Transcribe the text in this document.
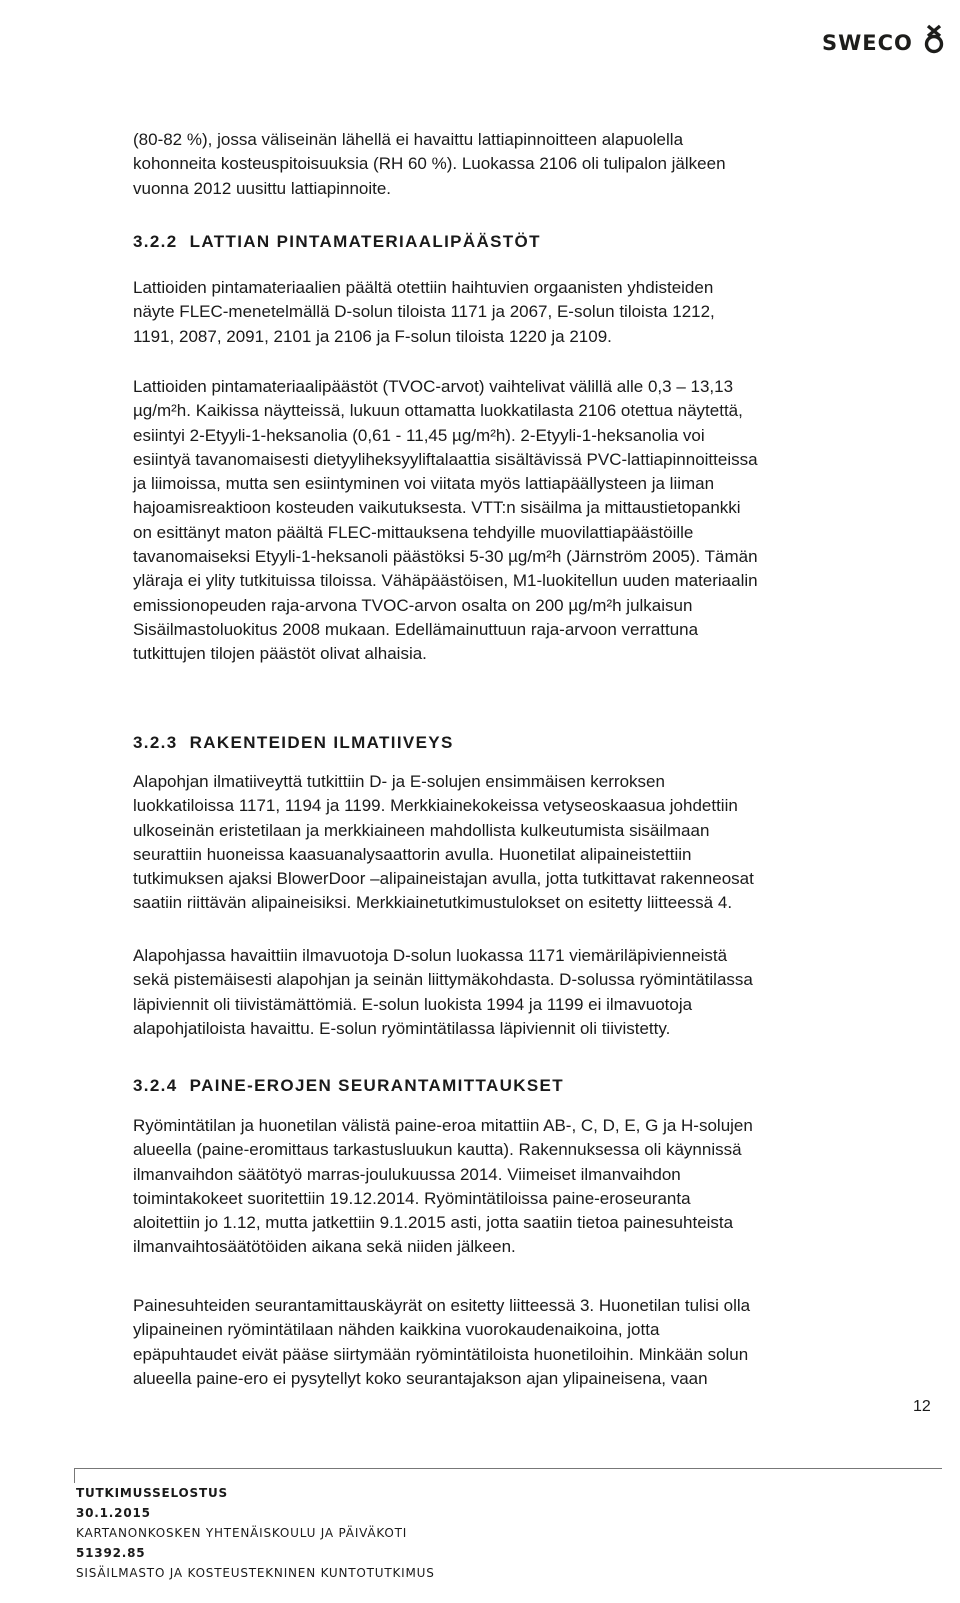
SWECO

(80-82 %), jossa väliseinän lähellä ei havaittu lattiapinnoitteen alapuolella
kohonneita kosteuspitoisuuksia (RH 60 %). Luokassa 2106 oli tulipalon jälkeen
vuonna 2012 uusittu lattiapinnoite.

3.2.2 LATTIAN PINTAMATERIAALIPÄÄSTÖT

Lattioiden pintamateriaalien päältä otettiin haihtuvien orgaanisten yhdisteiden
näyte FLEC-menetelmällä D-solun tiloista 1171 ja 2067, E-solun tiloista 1212,
1191, 2087, 2091, 2101 ja 2106 ja F-solun tiloista 1220 ja 2109.

Lattioiden pintamateriaalipäästöt (TVOC-arvot) vaihtelivat välillä alle 0,3 – 13,13
µg/m²h. Kaikissa näytteissä, lukuun ottamatta luokkatilasta 2106 otettua näytettä,
esiintyi 2-Etyyli-1-heksanolia (0,61 - 11,45 µg/m²h). 2-Etyyli-1-heksanolia voi
esiintyä tavanomaisesti dietyyliheksyyliftalaattia sisältävissä PVC-lattiapinnoitteissa
ja liimoissa, mutta sen esiintyminen voi viitata myös lattiapäällysteen ja liiman
hajoamisreaktioon kosteuden vaikutuksesta. VTT:n sisäilma ja mittaustietopankki
on esittänyt maton päältä FLEC-mittauksena tehdyille muovilattiapäästöille
tavanomaiseksi Etyyli-1-heksanoli päästöksi 5-30 µg/m²h (Järnström 2005). Tämän
yläraja ei ylity tutkituissa tiloissa. Vähäpäästöisen, M1-luokitellun uuden materiaalin
emissionopeuden raja-arvona TVOC-arvon osalta on 200 µg/m²h julkaisun
Sisäilmastoluokitus 2008 mukaan. Edellämainuttuun raja-arvoon verrattuna
tutkittujen tilojen päästöt olivat alhaisia.

3.2.3 RAKENTEIDEN ILMATIIVEYS

Alapohjan ilmatiiveyttä tutkittiin D- ja E-solujen ensimmäisen kerroksen
luokkatiloissa 1171, 1194 ja 1199. Merkkiainekokeissa vetyseoskaasua johdettiin
ulkoseinän eristetilaan ja merkkiaineen mahdollista kulkeutumista sisäilmaan
seurattiin huoneissa kaasuanalysaattorin avulla. Huonetilat alipaineistettiin
tutkimuksen ajaksi BlowerDoor –alipaineistajan avulla, jotta tutkittavat rakenneosat
saatiin riittävän alipaineisiksi. Merkkiainetutkimustulokset on esitetty liitteessä 4.

Alapohjassa havaittiin ilmavuotoja D-solun luokassa 1171 viemäriläpivienneistä
sekä pistemäisesti alapohjan ja seinän liittymäkohdasta. D-solussa ryömintätilassa
läpiviennit oli tiivistämättömiä. E-solun luokista 1994 ja 1199 ei ilmavuotoja
alapohjatiloista havaittu. E-solun ryömintätilassa läpiviennit oli tiivistetty.

3.2.4 PAINE-EROJEN SEURANTAMITTAUKSET

Ryömintätilan ja huonetilan välistä paine-eroa mitattiin AB-, C, D, E, G ja H-solujen
alueella (paine-eromittaus tarkastusluukun kautta). Rakennuksessa oli käynnissä
ilmanvaihdon säätötyö marras-joulukuussa 2014. Viimeiset ilmanvaihdon
toimintakokeet suoritettiin 19.12.2014. Ryömintätiloissa paine-eroseuranta
aloitettiin jo 1.12, mutta jatkettiin 9.1.2015 asti, jotta saatiin tietoa painesuhteista
ilmanvaihtosäätötöiden aikana sekä niiden jälkeen.

Painesuhteiden seurantamittauskäyrät on esitetty liitteessä 3. Huonetilan tulisi olla
ylipaineinen ryömintätilaan nähden kaikkina vuorokaudenaikoina, jotta
epäpuhtaudet eivät pääse siirtymään ryömintätiloista huonetiloihin. Minkään solun
alueella paine-ero ei pysytellyt koko seurantajakson ajan ylipaineisena, vaan

12

TUTKIMUSSELOSTUS
30.1.2015
KARTANONKOSKEN YHTENÄISKOULU JA PÄIVÄKOTI
51392.85
SISÄILMASTO JA KOSTEUSTEKNINEN KUNTOTUTKIMUS
